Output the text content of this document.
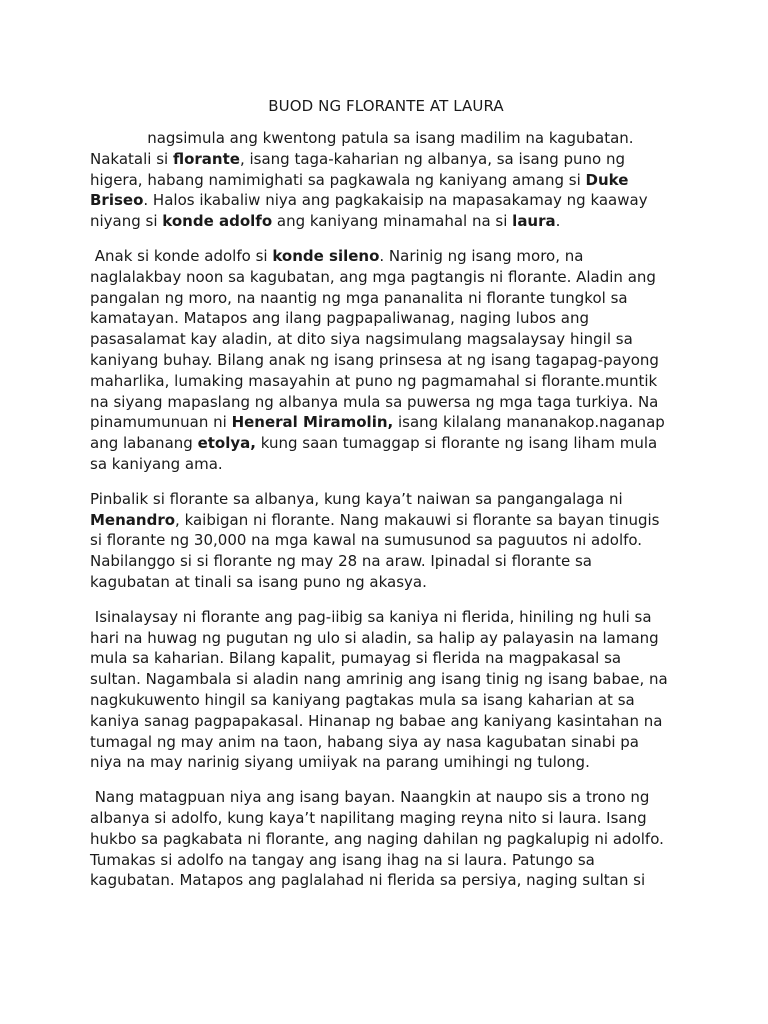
BUOD NG FLORANTE AT LAURA

nagsimula ang kwentong patula sa isang madilim na kagubatan.
Nakatali si florante, isang taga-kaharian ng albanya, sa isang puno ng
higera, habang namimighati sa pagkawala ng kaniyang amang si Duke
Briseo. Halos ikabaliw niya ang pagkakaisip na mapasakamay ng kaaway
niyang si konde adolfo ang kaniyang minamahal na si laura.

Anak si konde adolfo si konde sileno. Narinig ng isang moro, na
naglalakbay noon sa kagubatan, ang mga pagtangis ni florante. Aladin ang
pangalan ng moro, na naantig ng mga pananalita ni florante tungkol sa
kamatayan. Matapos ang ilang pagpapaliwanag, naging lubos ang
pasasalamat kay aladin, at dito siya nagsimulang magsalaysay hingil sa
kaniyang buhay. Bilang anak ng isang prinsesa at ng isang tagapag-payong
maharlika, lumaking masayahin at puno ng pagmamahal si florante.muntik
na siyang mapaslang ng albanya mula sa puwersa ng mga taga turkiya. Na
pinamumunuan ni Heneral Miramolin, isang kilalang mananakop.naganap
ang labanang etolya, kung saan tumaggap si florante ng isang liham mula
sa kaniyang ama.

Pinbalik si florante sa albanya, kung kaya’t naiwan sa pangangalaga ni
Menandro, kaibigan ni florante. Nang makauwi si florante sa bayan tinugis
si florante ng 30,000 na mga kawal na sumusunod sa paguutos ni adolfo.
Nabilanggo si si florante ng may 28 na araw. Ipinadal si florante sa
kagubatan at tinali sa isang puno ng akasya.

Isinalaysay ni florante ang pag-iibig sa kaniya ni flerida, hiniling ng huli sa
hari na huwag ng pugutan ng ulo si aladin, sa halip ay palayasin na lamang
mula sa kaharian. Bilang kapalit, pumayag si flerida na magpakasal sa
sultan. Nagambala si aladin nang amrinig ang isang tinig ng isang babae, na
nagkukuwento hingil sa kaniyang pagtakas mula sa isang kaharian at sa
kaniya sanag pagpapakasal. Hinanap ng babae ang kaniyang kasintahan na
tumagal ng may anim na taon, habang siya ay nasa kagubatan sinabi pa
niya na may narinig siyang umiiyak na parang umihingi ng tulong.

Nang matagpuan niya ang isang bayan. Naangkin at naupo sis a trono ng
albanya si adolfo, kung kaya’t napilitang maging reyna nito si laura. Isang
hukbo sa pagkabata ni florante, ang naging dahilan ng pagkalupig ni adolfo.
Tumakas si adolfo na tangay ang isang ihag na si laura. Patungo sa
kagubatan. Matapos ang paglalahad ni flerida sa persiya, naging sultan si
